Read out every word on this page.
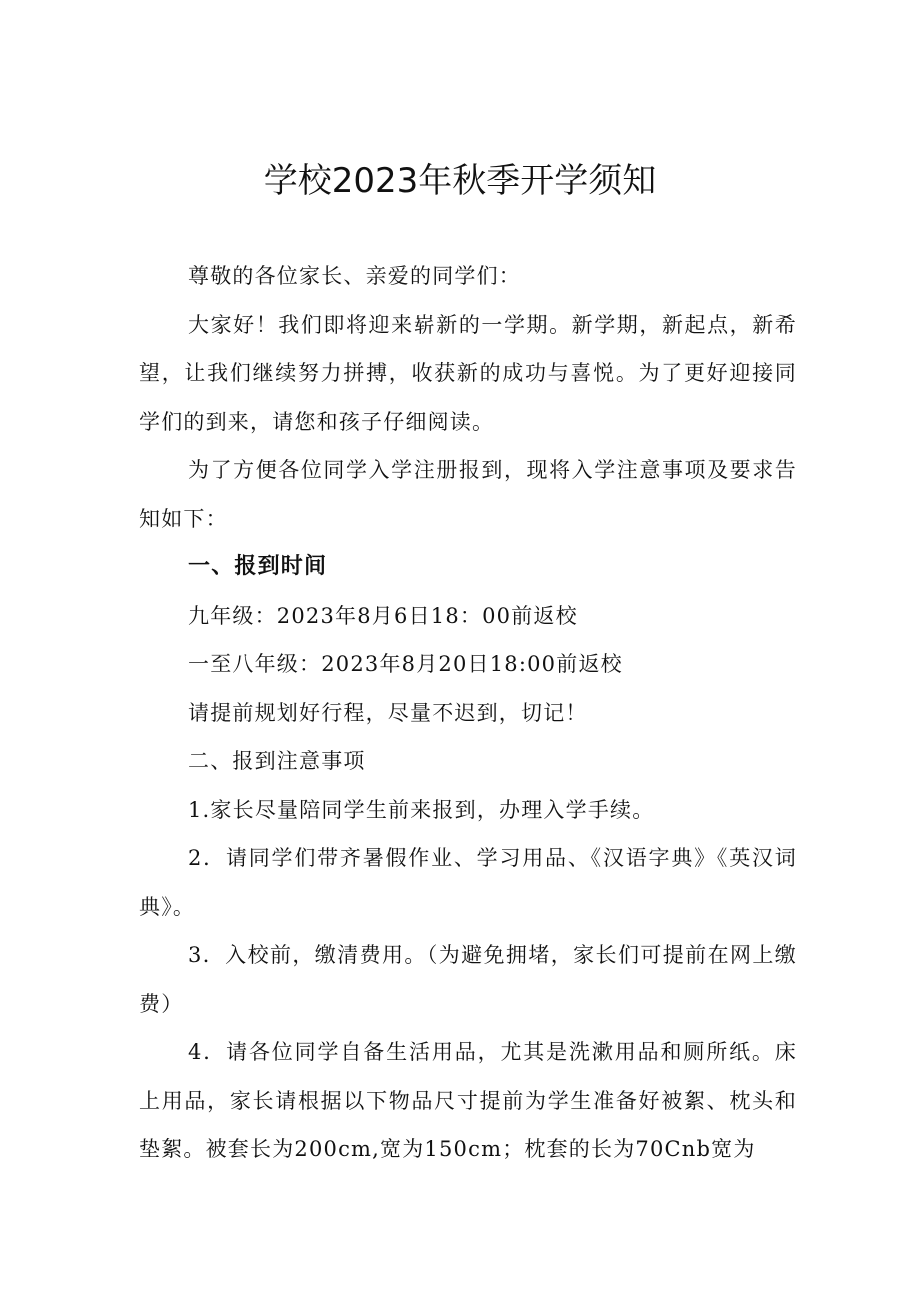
学校2023年秋季开学须知

尊敬的各位家长、亲爱的同学们：

大家好！我们即将迎来崭新的一学期。新学期，新起点，新希望，让我们继续努力拼搏，收获新的成功与喜悦。为了更好迎接同学们的到来，请您和孩子仔细阅读。

为了方便各位同学入学注册报到，现将入学注意事项及要求告知如下：

一、报到时间

九年级：2023年8月6日18：00前返校

一至八年级：2023年8月20日18:00前返校

请提前规划好行程，尽量不迟到，切记！

二、报到注意事项

1.家长尽量陪同学生前来报到，办理入学手续。

2．请同学们带齐暑假作业、学习用品、《汉语字典》《英汉词典》。

3．入校前，缴清费用。（为避免拥堵，家长们可提前在网上缴费）

4．请各位同学自备生活用品，尤其是洗漱用品和厕所纸。床上用品，家长请根据以下物品尺寸提前为学生准备好被絮、枕头和垫絮。被套长为200cm,宽为150cm；枕套的长为70Cnb宽为
